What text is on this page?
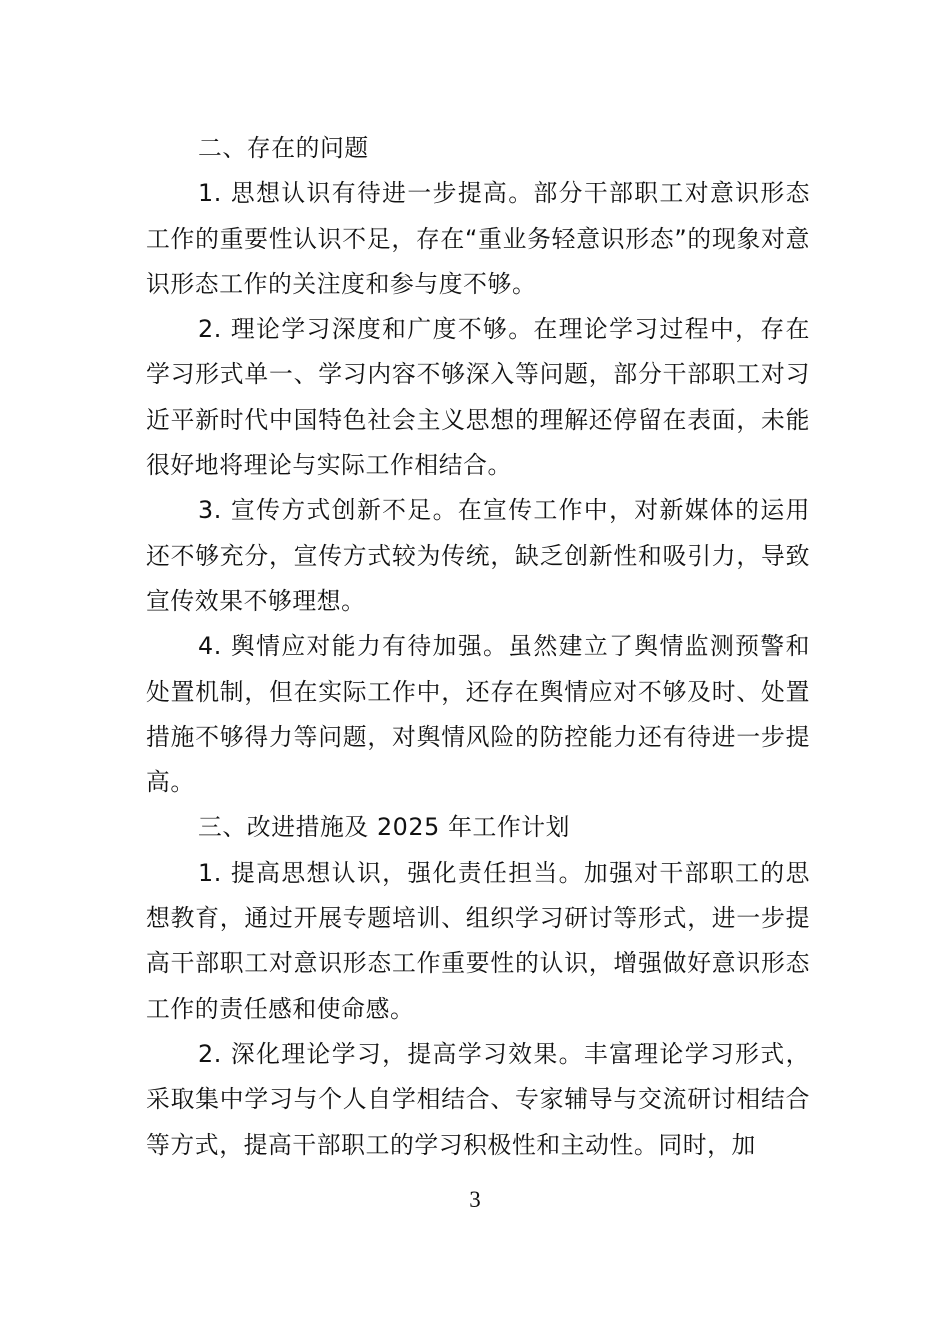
二、存在的问题

1. 思想认识有待进一步提高。部分干部职工对意识形态工作的重要性认识不足，存在“重业务轻意识形态”的现象对意识形态工作的关注度和参与度不够。

2. 理论学习深度和广度不够。在理论学习过程中，存在学习形式单一、学习内容不够深入等问题，部分干部职工对习近平新时代中国特色社会主义思想的理解还停留在表面，未能很好地将理论与实际工作相结合。

3. 宣传方式创新不足。在宣传工作中，对新媒体的运用还不够充分，宣传方式较为传统，缺乏创新性和吸引力，导致宣传效果不够理想。

4. 舆情应对能力有待加强。虽然建立了舆情监测预警和处置机制，但在实际工作中，还存在舆情应对不够及时、处置措施不够得力等问题，对舆情风险的防控能力还有待进一步提高。

三、改进措施及 2025 年工作计划

1. 提高思想认识，强化责任担当。加强对干部职工的思想教育，通过开展专题培训、组织学习研讨等形式，进一步提高干部职工对意识形态工作重要性的认识，增强做好意识形态工作的责任感和使命感。

2. 深化理论学习，提高学习效果。丰富理论学习形式，采取集中学习与个人自学相结合、专家辅导与交流研讨相结合等方式，提高干部职工的学习积极性和主动性。同时，加

3
